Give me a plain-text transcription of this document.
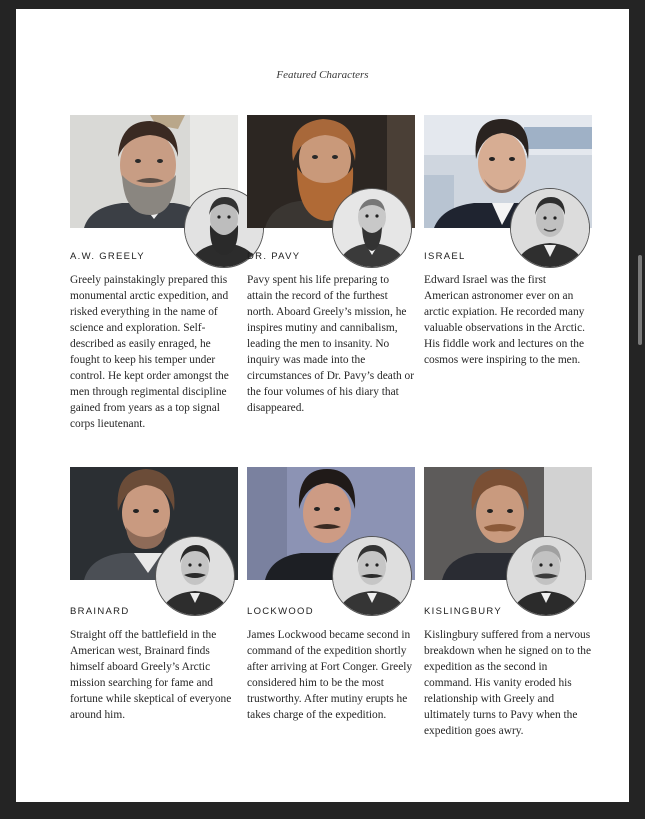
Featured Characters
A.W. GREELY
Greely painstakingly prepared this monumental arctic expedition, and risked everything in the name of science and exploration. Self-described as easily enraged, he fought to keep his temper under control. He kept order amongst the men through regimental discipline gained from years as a top signal corps lieutenant.
DR. PAVY
Pavy spent his life preparing to attain the record of the furthest north. Aboard Greely’s mission, he inspires mutiny and cannibalism, leading the men to insanity. No inquiry was made into the circumstances of Dr. Pavy’s death or the four volumes of his diary that disappeared.
ISRAEL
Edward Israel was the first American astronomer ever on an arctic expiation. He recorded many valuable observations in the Arctic. His fiddle work and lectures on the cosmos were inspiring to the men.
BRAINARD
Straight off the battlefield in the American west, Brainard finds himself aboard Greely’s Arctic mission searching for fame and fortune while skeptical of everyone around him.
LOCKWOOD
James Lockwood became second in command of the expedition shortly after arriving at Fort Conger. Greely considered him to be the most trustworthy. After mutiny erupts he takes charge of the expedition.
KISLINGBURY
Kislingbury suffered from a nervous breakdown when he signed on to the expedition as the second in command. His vanity eroded his relationship with Greely and ultimately turns to Pavy when the expedition goes awry.
